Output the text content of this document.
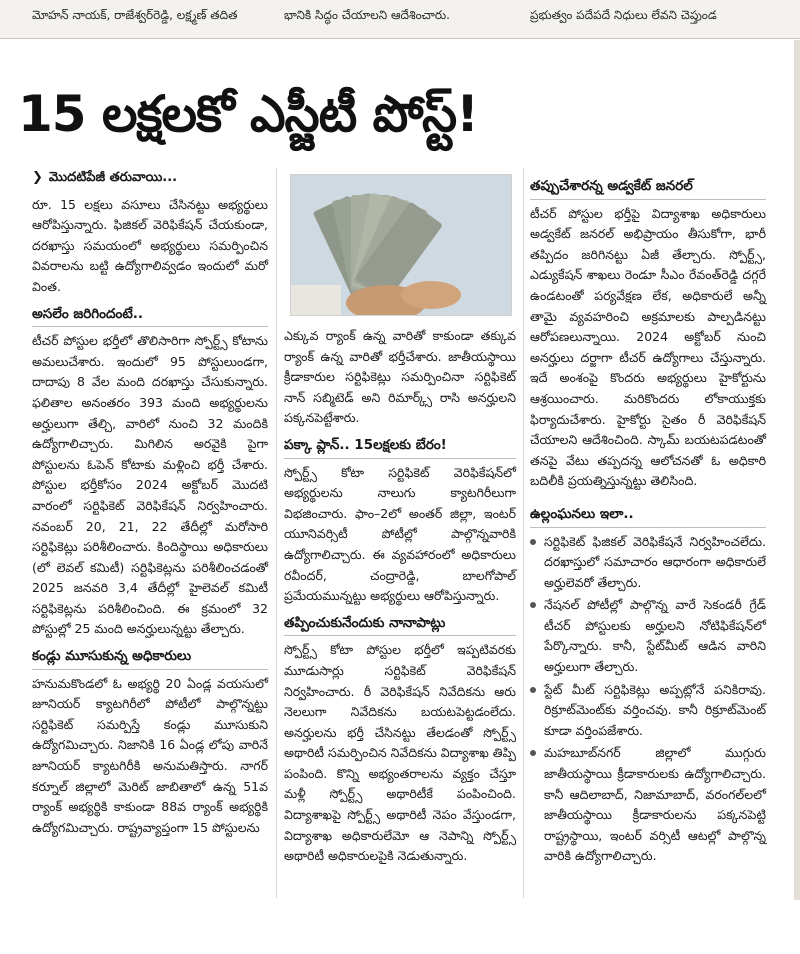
మోహన్ నాయక్, రాజేశ్వర్‌రెడ్డి, లక్ష్మణ్ తదిత	భానికి సిద్ధం చేయాలని ఆదేశించారు.	ప్రభుత్వం పదేపదే నిధులు లేవని చెప్తుండ
15 లక్షలకో ఎస్జీటీ పోస్ట్!
❯ మొదటిపేజీ తరువాయి...

రూ. 15 లక్షలు వసూలు చేసినట్టు అభ్యర్థులు ఆరోపిస్తున్నారు. ఫిజికల్ వెరిఫికేషన్ చేయకుండా, దరఖాస్తు సమయంలో అభ్యర్థులు సమర్పించిన వివరాలను బట్టి ఉద్యోగాలివ్వడం ఇందులో మరో వింత.

అసలేం జరిగిందంటే..

టీచర్ పోస్టుల భర్తీలో తొలిసారిగా స్పోర్ట్స్ కోటాను అమలుచేశారు. ఇందులో 95 పోస్టులుండగా, దాదాపు 8 వేల మంది దరఖాస్తు చేసుకున్నారు. ఫలితాల అనంతరం 393 మంది అభ్యర్థులను అర్హులుగా తేల్చి, వారిలో నుంచి 32 మందికి ఉద్యోగాలిచ్చారు. మిగిలిన అరవైకి పైగా పోస్టులను ఓపెన్ కోటాకు మళ్లించి భర్తీ చేశారు. పోస్టుల భర్తీకోసం 2024 అక్టోబర్ మొదటి వారంలో సర్టిఫికెట్ వెరిఫికేషన్ నిర్వహించారు. నవంబర్ 20, 21, 22 తేదీల్లో మరోసారి సర్టిఫికెట్లు పరిశీలించారు. కిందిస్థాయి అధికారులు (లో లెవల్ కమిటీ) సర్టిఫికెట్లను పరిశీలించడంతో 2025 జనవరి 3,4 తేదీల్లో హైలెవల్ కమిటీ సర్టిఫికెట్లను పరిశీలించింది. ఈ క్రమంలో 32 పోస్టుల్లో 25 మంది అనర్హులున్నట్టు తేల్చారు.

కండ్లు మూసుకున్న అధికారులు

హనుమకొండలో ఓ అభ్యర్థి 20 ఏండ్ల వయసులో జూనియర్ క్యాటగిరీలో పోటీలో పాల్గొన్నట్టు సర్టిఫికెట్ సమర్పిస్తే కండ్లు మూసుకుని ఉద్యోగమిచ్చారు. నిజానికి 16 ఏండ్ల లోపు వారినే జూనియర్ క్యాటగిరీకి అనుమతిస్తారు. నాగర్ కర్నూల్ జిల్లాలో మెరిట్ జాబితాలో ఉన్న 51వ ర్యాంక్ అభ్యర్థికి కాకుండా 88వ ర్యాంక్ అభ్యర్థికి ఉద్యోగమిచ్చారు. రాష్ట్రవ్యాప్తంగా 15 పోస్టులను

ఎక్కువ ర్యాంక్ ఉన్న వారితో కాకుండా తక్కువ ర్యాంక్ ఉన్న వారితో భర్తీచేశారు. జాతీయస్థాయి క్రీడాకారుల సర్టిఫికెట్లు సమర్పించినా సర్టిఫికెట్ నాన్ సబ్మిటెడ్ అని రిమార్క్స్ రాసి అనర్హులని పక్కనపెట్టేశారు.

పక్కా ప్లాన్.. 15లక్షలకు బేరం!

స్పోర్ట్స్ కోటా సర్టిఫికెట్ వెరిఫికేషన్‌లో అభ్యర్థులను నాలుగు క్యాటగిరీలుగా విభజించారు. ఫాం–2లో అంతర్ జిల్లా, ఇంటర్ యూనివర్సిటీ పోటీల్లో పాల్గొన్నవారికి ఉద్యోగాలిచ్చారు. ఈ వ్యవహారంలో అధికారులు రవీందర్, చంద్రారెడ్డి, బాలగోపాల్ ప్రమేయమున్నట్టు అభ్యర్థులు ఆరోపిస్తున్నారు.

తప్పించుకునేందుకు నానాపాట్లు

స్పోర్ట్స్ కోటా పోస్టుల భర్తీలో ఇప్పటివరకు మూడుసార్లు సర్టిఫికెట్ వెరిఫికేషన్ నిర్వహించారు. రీ వెరిఫికేషన్ నివేదికను ఆరు నెలలుగా నివేదికను బయటపెట్టడంలేదు. అనర్హులను భర్తీ చేసినట్టు తేలడంతో స్పోర్ట్స్ అథారిటీ సమర్పించిన నివేదికను విద్యాశాఖ తిప్పి పంపింది. కొన్ని అభ్యంతరాలను వ్యక్తం చేస్తూ మళ్లీ స్పోర్ట్స్ అథారిటీకే పంపించింది. విద్యాశాఖపై స్పోర్ట్స్ అథారిటీ నెపం వేస్తుండగా, విద్యాశాఖ అధికారులేమో ఆ నెపాన్ని స్పోర్ట్స్ అథారిటీ అధికారులపైకి నెడుతున్నారు.

తప్పుచేశారన్న అడ్వకేట్ జనరల్

టీచర్ పోస్టుల భర్తీపై విద్యాశాఖ అధికారులు అడ్వకేట్ జనరల్ అభిప్రాయం తీసుకోగా, భారీ తప్పిదం జరిగినట్టు ఏజీ తేల్చారు. స్పోర్ట్స్, ఎడ్యుకేషన్ శాఖలు రెండూ సీఎం రేవంత్‌రెడ్డి దగ్గరే ఉండటంతో పర్యవేక్షణ లేక, అధికారులే అన్నీ తామై వ్యవహరించి అక్రమాలకు పాల్పడినట్టు ఆరోపణలున్నాయి. 2024 అక్టోబర్ నుంచి అనర్హులు దర్జాగా టీచర్ ఉద్యోగాలు చేస్తున్నారు. ఇదే అంశంపై కొందరు అభ్యర్థులు హైకోర్టును ఆశ్రయించారు. మరికొందరు లోకాయుక్తకు ఫిర్యాదుచేశారు. హైకోర్టు సైతం రీ వెరిఫికేషన్ చేయాలని ఆదేశించింది. స్కామ్ బయటపడటంతో తనపై వేటు తప్పదన్న ఆలోచనతో ఓ అధికారి బదిలీకి ప్రయత్నిస్తున్నట్టు తెలిసింది.

ఉల్లంఘనలు ఇలా..
సర్టిఫికెట్ ఫిజికల్ వెరిఫికేషనే నిర్వహించలేదు. దరఖాస్తులో సమాచారం ఆధారంగా అధికారులే అర్హులెవరో తేల్చారు.
నేషనల్ పోటీల్లో పాల్గొన్న వారే సెకండరీ గ్రేడ్ టీచర్ పోస్టులకు అర్హులని నోటిఫికేషన్‌లో పేర్కొన్నారు. కానీ, స్టేట్‌మీట్ ఆడిన వారిని అర్హులుగా తేల్చారు.
స్టేట్ మీట్ సర్టిఫికెట్లు అప్పట్లోనే పనికిరావు. రిక్రూట్‌మెంట్‌కు వర్తించవు. కానీ రిక్రూట్‌మెంట్ కూడా వర్తింపజేశారు.
మహబూబ్‌నగర్ జిల్లాలో ముగ్గురు జాతీయస్థాయి క్రీడాకారులకు ఉద్యోగాలిచ్చారు. కానీ ఆదిలాబాద్, నిజామాబాద్, వరంగల్‌లలో జాతీయస్థాయి క్రీడాకారులను పక్కనపెట్టి రాష్ట్రస్థాయి, ఇంటర్ వర్సిటీ ఆటల్లో పాల్గొన్న వారికి ఉద్యోగాలిచ్చారు.
